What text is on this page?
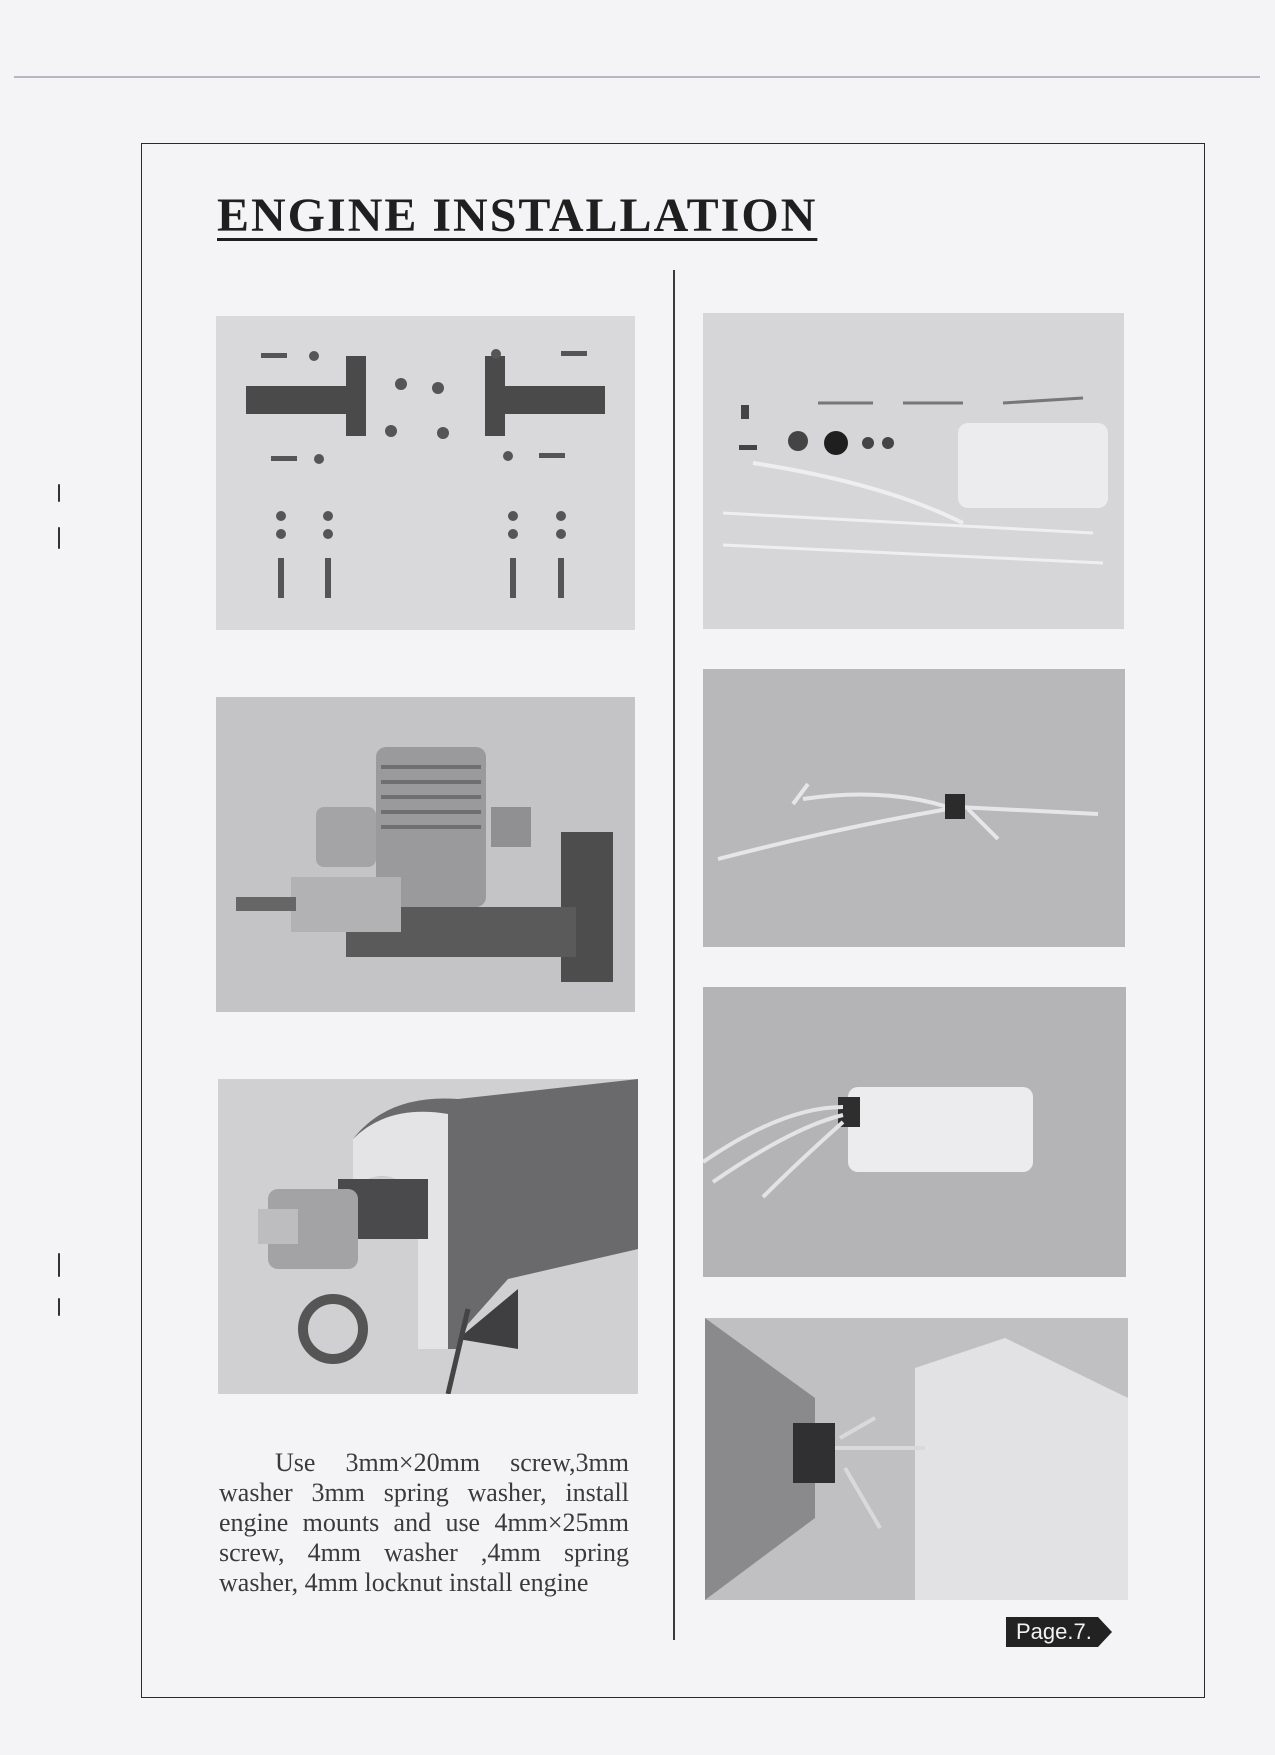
ENGINE INSTALLATION

Use 3mm×20mm screw,3mm washer 3mm spring washer, install engine mounts and use 4mm×25mm screw, 4mm washer ,4mm spring washer, 4mm locknut install engine

Page.7.
